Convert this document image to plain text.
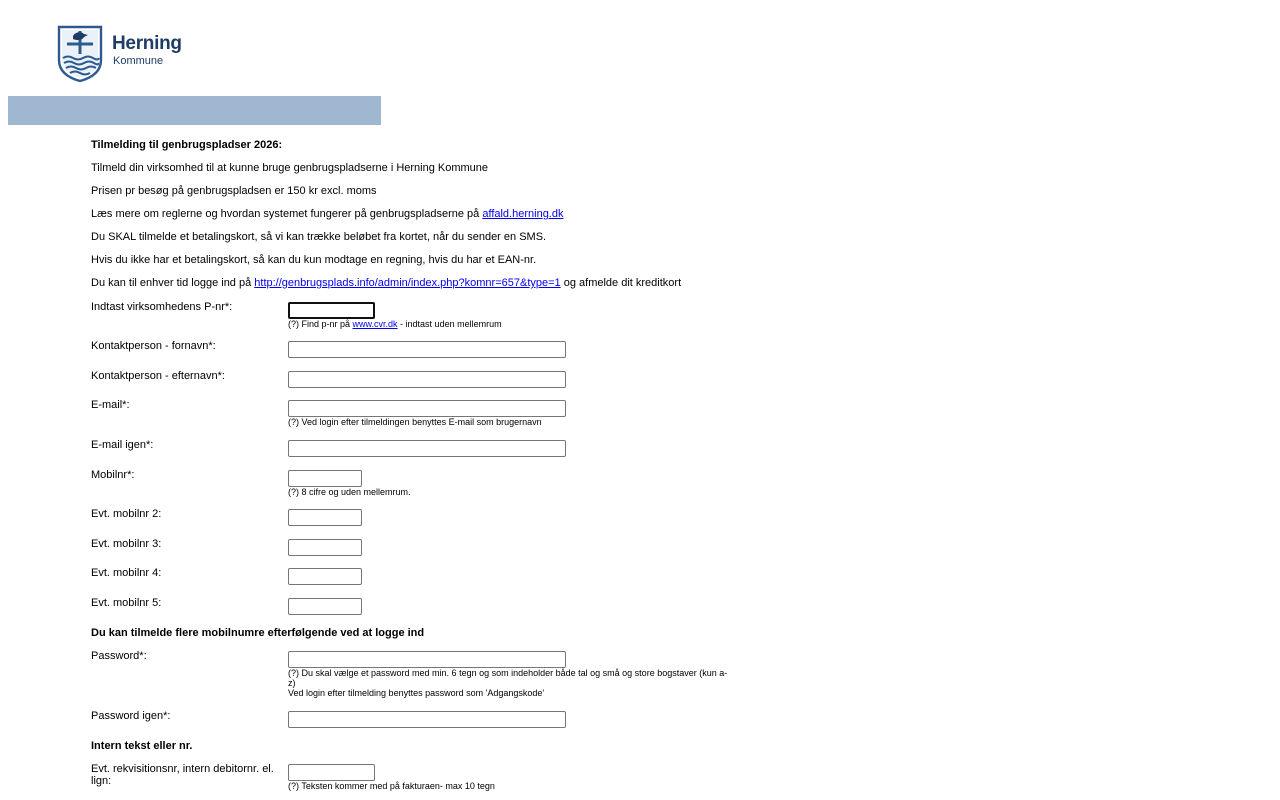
Herning
Kommune
Tilmelding til genbrugspladser 2026:
Tilmeld din virksomhed til at kunne bruge genbrugspladserne i Herning Kommune
Prisen pr besøg på genbrugspladsen er 150 kr excl. moms
Læs mere om reglerne og hvordan systemet fungerer på genbrugspladserne på affald.herning.dk
Du SKAL tilmelde et betalingskort, så vi kan trække beløbet fra kortet, når du sender en SMS.
Hvis du ikke har et betalingskort, så kan du kun modtage en regning, hvis du har et EAN-nr.
Du kan til enhver tid logge ind på http://genbrugsplads.info/admin/index.php?komnr=657&type=1 og afmelde dit kreditkort
Indtast virksomhedens P-nr*:
(?) Find p-nr på www.cvr.dk - indtast uden mellemrum
Kontaktperson - fornavn*:
Kontaktperson - efternavn*:
E-mail*:
(?) Ved login efter tilmeldingen benyttes E-mail som brugernavn
E-mail igen*:
Mobilnr*:
(?) 8 cifre og uden mellemrum.
Evt. mobilnr 2:
Evt. mobilnr 3:
Evt. mobilnr 4:
Evt. mobilnr 5:
Du kan tilmelde flere mobilnumre efterfølgende ved at logge ind
Password*:
(?) Du skal vælge et password med min. 6 tegn og som indeholder både tal og små og store bogstaver (kun a-z)
Ved login efter tilmelding benyttes password som 'Adgangskode'
Password igen*:
Intern tekst eller nr.
Evt. rekvisitionsnr, intern debitornr. el. lign:	(?) Teksten kommer med på fakturaen- max 10 tegn
